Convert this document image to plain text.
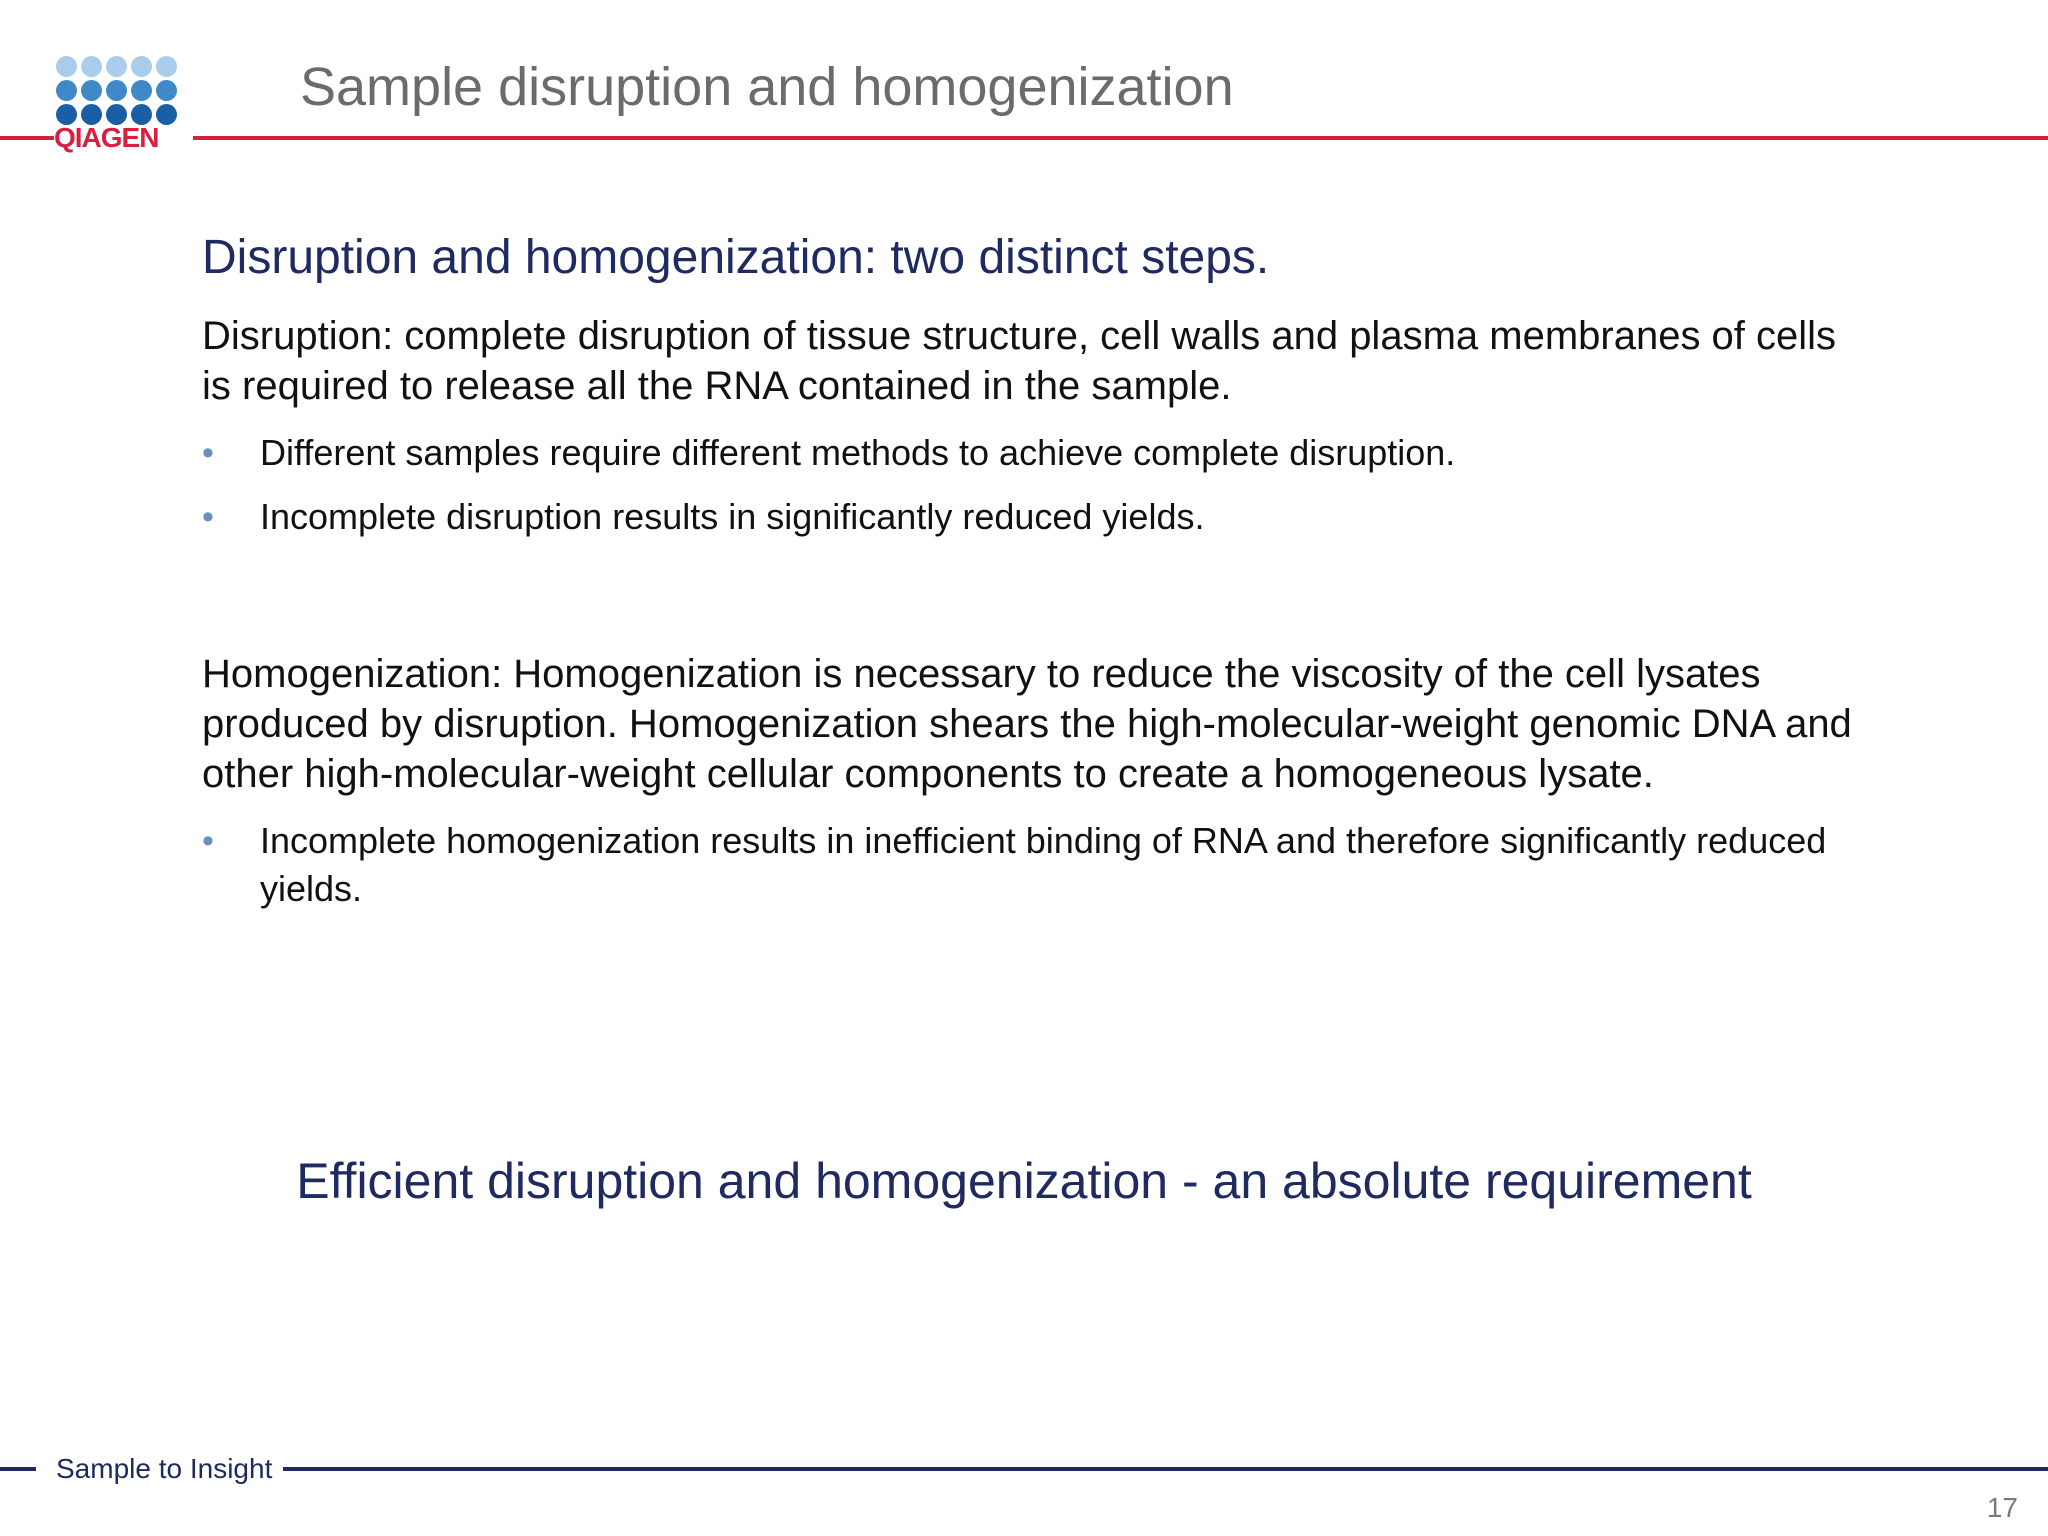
QIAGEN
Sample disruption and homogenization
Disruption and homogenization: two distinct steps.

Disruption: complete disruption of tissue structure, cell walls and plasma membranes of cells is required to release all the RNA contained in the sample.

• Different samples require different methods to achieve complete disruption.
• Incomplete disruption results in significantly reduced yields.

Homogenization: Homogenization is necessary to reduce the viscosity of the cell lysates produced by disruption. Homogenization shears the high-molecular-weight genomic DNA and other high-molecular-weight cellular components to create a homogeneous lysate.

• Incomplete homogenization results in inefficient binding of RNA and therefore significantly reduced yields.
Efficient disruption and homogenization - an absolute requirement
Sample to Insight
17
